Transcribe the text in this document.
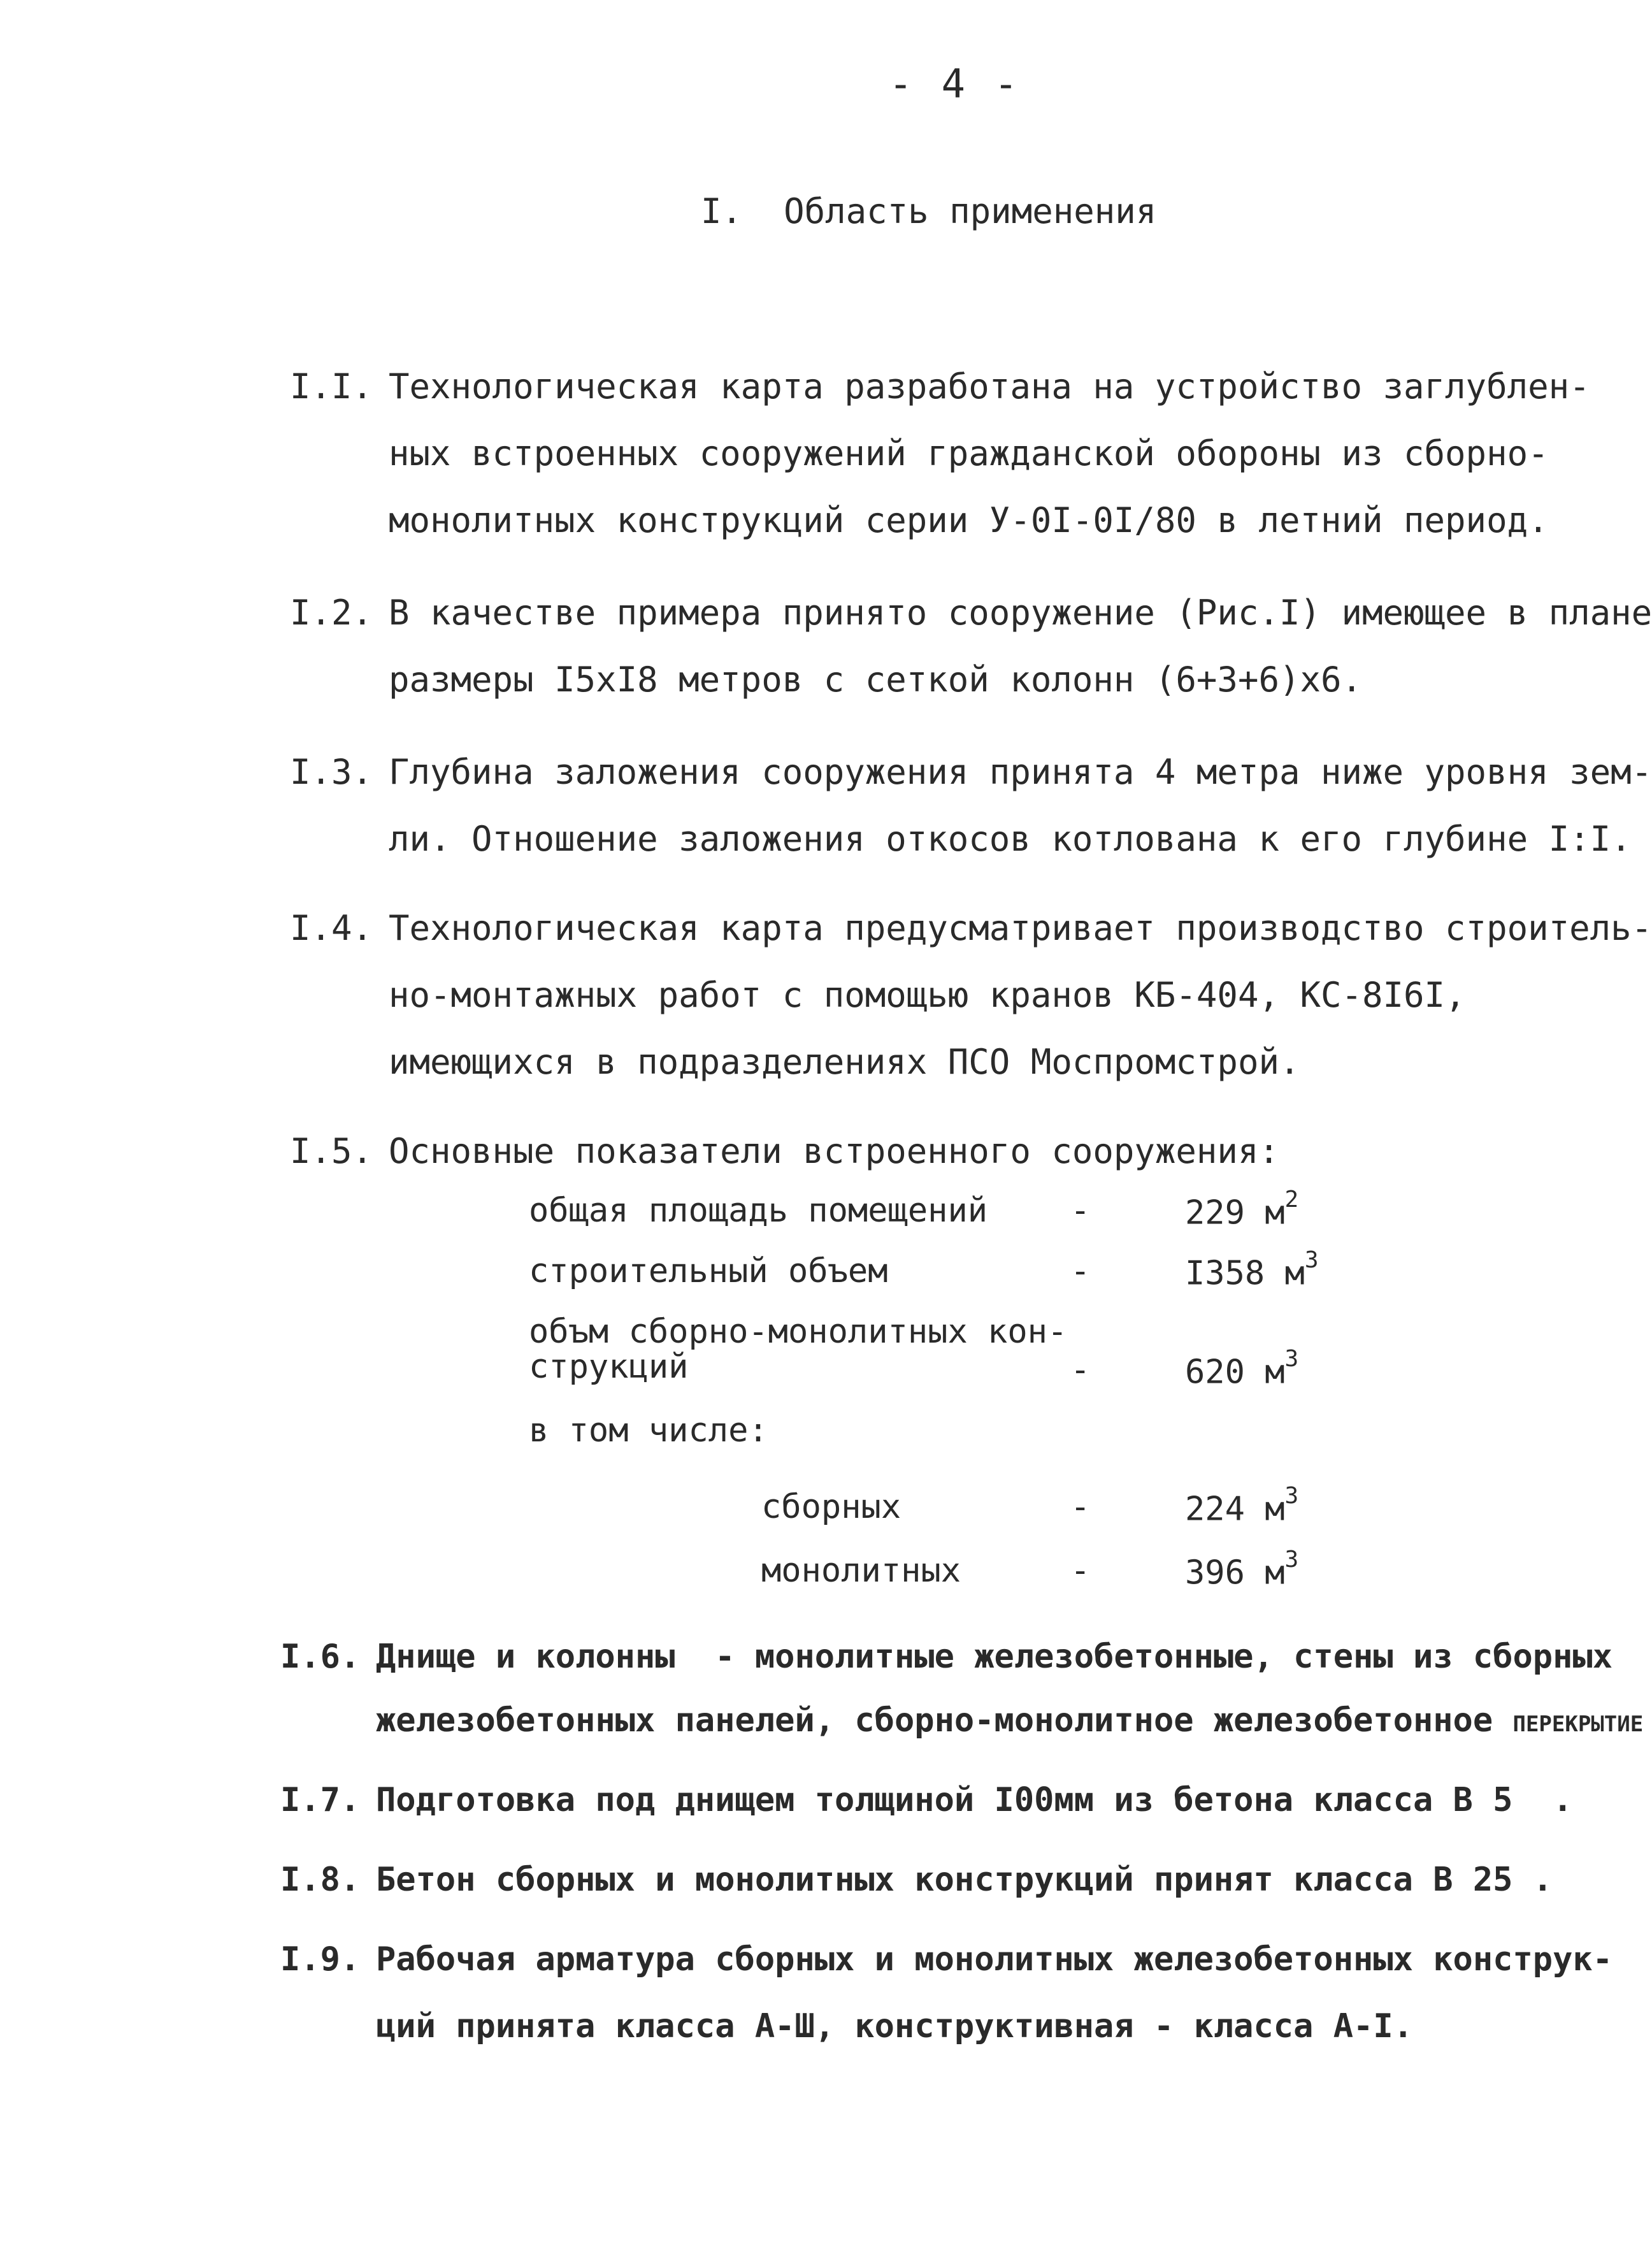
- 4 -
I. Область применения
I.I. Технологическая карта разработана на устройство заглублен-
ных встроенных сооружений гражданской обороны из сборно-
монолитных конструкций серии У-0I-0I/80 в летний период.
I.2. В качестве примера принято сооружение (Рис.I) имеющее в плане
размеры I5хI8 метров с сеткой колонн (6+3+6)х6.
I.3. Глубина заложения сооружения принята 4 метра ниже уровня зем-
ли. Отношение заложения откосов котлована к его глубине I:I.
I.4. Технологическая карта предусматривает производство строитель-
но-монтажных работ с помощью кранов КБ-404, КС-8І6І,
имеющихся в подразделениях ПСО Моспромстрой.
I.5. Основные показатели встроенного сооружения:
общая площадь помещений -	229 $м^2$
строительный объем	-	I358 $м^3$
объм сборно-монолитных кон-
струкций	-	620 $м^3$
в том числе:
сборных	-	224 $м^3$
монолитных	-	396 $м^3$
I.6. Днище и колонны  - монолитные железобетонные, стены из сборных
железобетонных панелей, сборно-монолитное железобетонное ПЕРЕКРЫТИЕ
I.7. Подготовка под днищем толщиной I00мм из бетона класса В 5  .
I.8. Бетон сборных и монолитных конструкций принят класса В 25 .
I.9. Рабочая арматура сборных и монолитных железобетонных конструк-
ций принята класса А-Ш, конструктивная - класса А-I.
